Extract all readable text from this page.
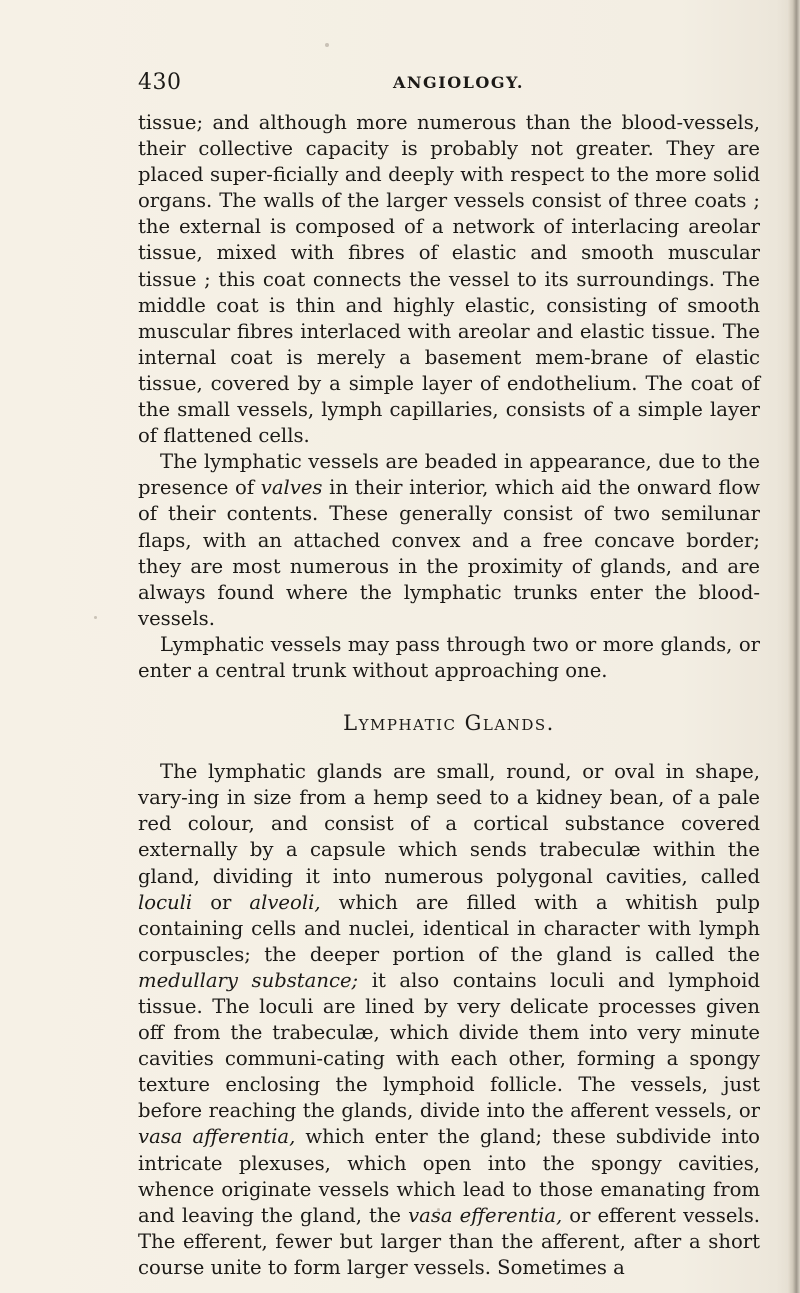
430	ANGIOLOGY.

tissue; and although more numerous than the blood-vessels, their collective capacity is probably not greater. They are placed super-ficially and deeply with respect to the more solid organs. The walls of the larger vessels consist of three coats ; the external is composed of a network of interlacing areolar tissue, mixed with fibres of elastic and smooth muscular tissue ; this coat connects the vessel to its surroundings. The middle coat is thin and highly elastic, consisting of smooth muscular fibres interlaced with areolar and elastic tissue. The internal coat is merely a basement mem-brane of elastic tissue, covered by a simple layer of endothelium. The coat of the small vessels, lymph capillaries, consists of a simple layer of flattened cells.

The lymphatic vessels are beaded in appearance, due to the presence of valves in their interior, which aid the onward flow of their contents. These generally consist of two semilunar flaps, with an attached convex and a free concave border; they are most numerous in the proximity of glands, and are always found where the lymphatic trunks enter the blood-vessels.

Lymphatic vessels may pass through two or more glands, or enter a central trunk without approaching one.

Lymphatic Glands.

The lymphatic glands are small, round, or oval in shape, vary-ing in size from a hemp seed to a kidney bean, of a pale red colour, and consist of a cortical substance covered externally by a capsule which sends trabeculæ within the gland, dividing it into numerous polygonal cavities, called loculi or alveoli, which are filled with a whitish pulp containing cells and nuclei, identical in character with lymph corpuscles; the deeper portion of the gland is called the medullary substance; it also contains loculi and lymphoid tissue. The loculi are lined by very delicate processes given off from the trabeculæ, which divide them into very minute cavities communi-cating with each other, forming a spongy texture enclosing the lymphoid follicle. The vessels, just before reaching the glands, divide into the afferent vessels, or vasa afferentia, which enter the gland; these subdivide into intricate plexuses, which open into the spongy cavities, whence originate vessels which lead to those emanating from and leaving the gland, the vasa efferentia, or efferent vessels. The efferent, fewer but larger than the afferent, after a short course unite to form larger vessels. Sometimes a
